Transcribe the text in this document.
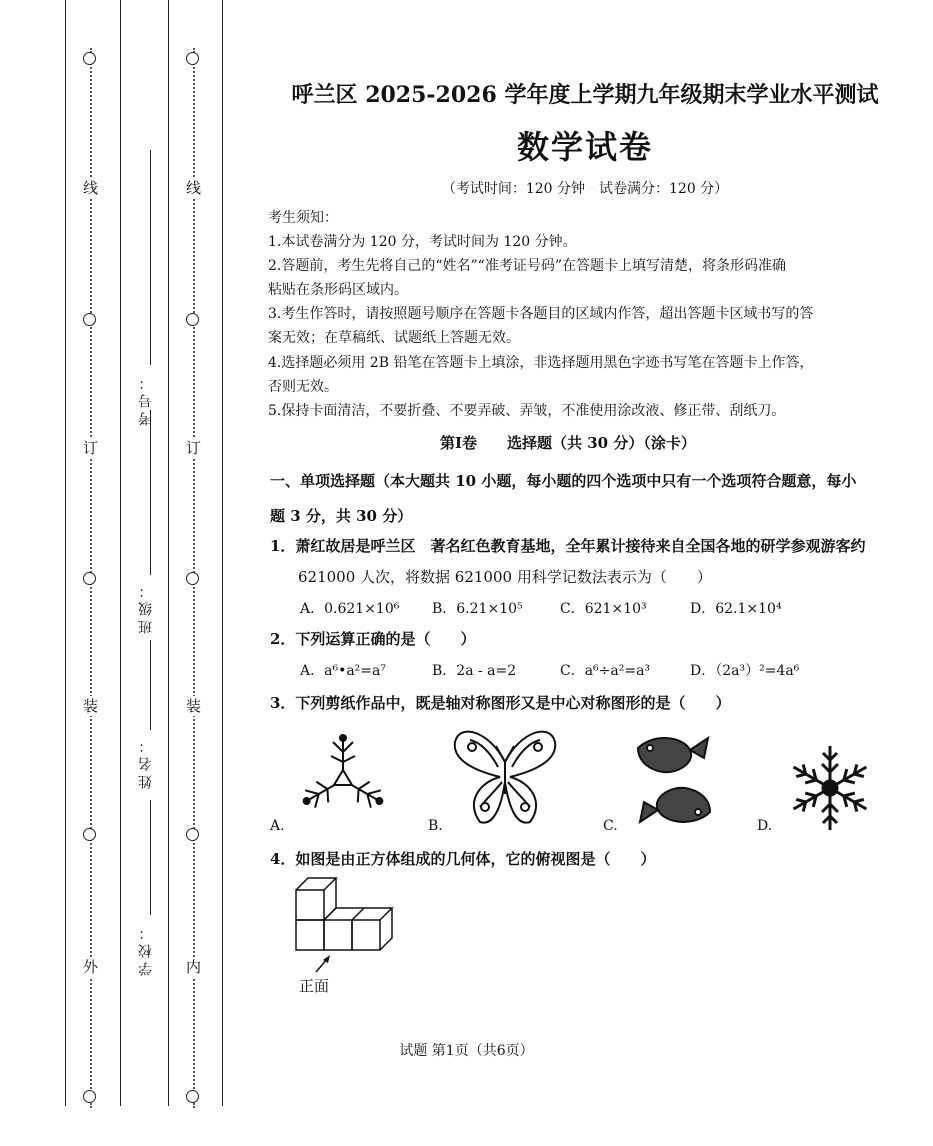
线
订
装
外
线
订
装
内
考号：
班级：
姓名：
学校：
呼兰区 2025-2026 学年度上学期九年级期末学业水平测试
数学试卷
（考试时间：120 分钟　试卷满分：120 分）
考生须知：
1.本试卷满分为 120 分，考试时间为 120 分钟。
2.答题前，考生先将自己的“姓名”“准考证号码”在答题卡上填写清楚，将条形码准确
粘贴在条形码区域内。
3.考生作答时，请按照题号顺序在答题卡各题目的区域内作答，超出答题卡区域书写的答
案无效；在草稿纸、试题纸上答题无效。
4.选择题必须用 2B 铅笔在答题卡上填涂，非选择题用黑色字迹书写笔在答题卡上作答，
否则无效。
5.保持卡面清洁，不要折叠、不要弄破、弄皱，不准使用涂改液、修正带、刮纸刀。
第Ⅰ卷　　选择题（共 30 分）（涂卡）
一、单项选择题（本大题共 10 小题，每小题的四个选项中只有一个选项符合题意，每小
题 3 分，共 30 分）
1．萧红故居是呼兰区　著名红色教育基地，全年累计接待来自全国各地的研学参观游客约
621000 人次，将数据 621000 用科学记数法表示为（　　）
A．0.621×10⁶ B．6.21×10⁵	C．621×10³	D．62.1×10⁴
2．下列运算正确的是（　　）
A．a⁶•a²=a⁷	B．2a - a=2	C．a⁶÷a²=a³	D．（2a³）²=4a⁶
3．下列剪纸作品中，既是轴对称图形又是中心对称图形的是（　　）
A.	B.	C.	D.
4．如图是由正方体组成的几何体，它的俯视图是（　　）
正面
试题 第1页（共6页）
